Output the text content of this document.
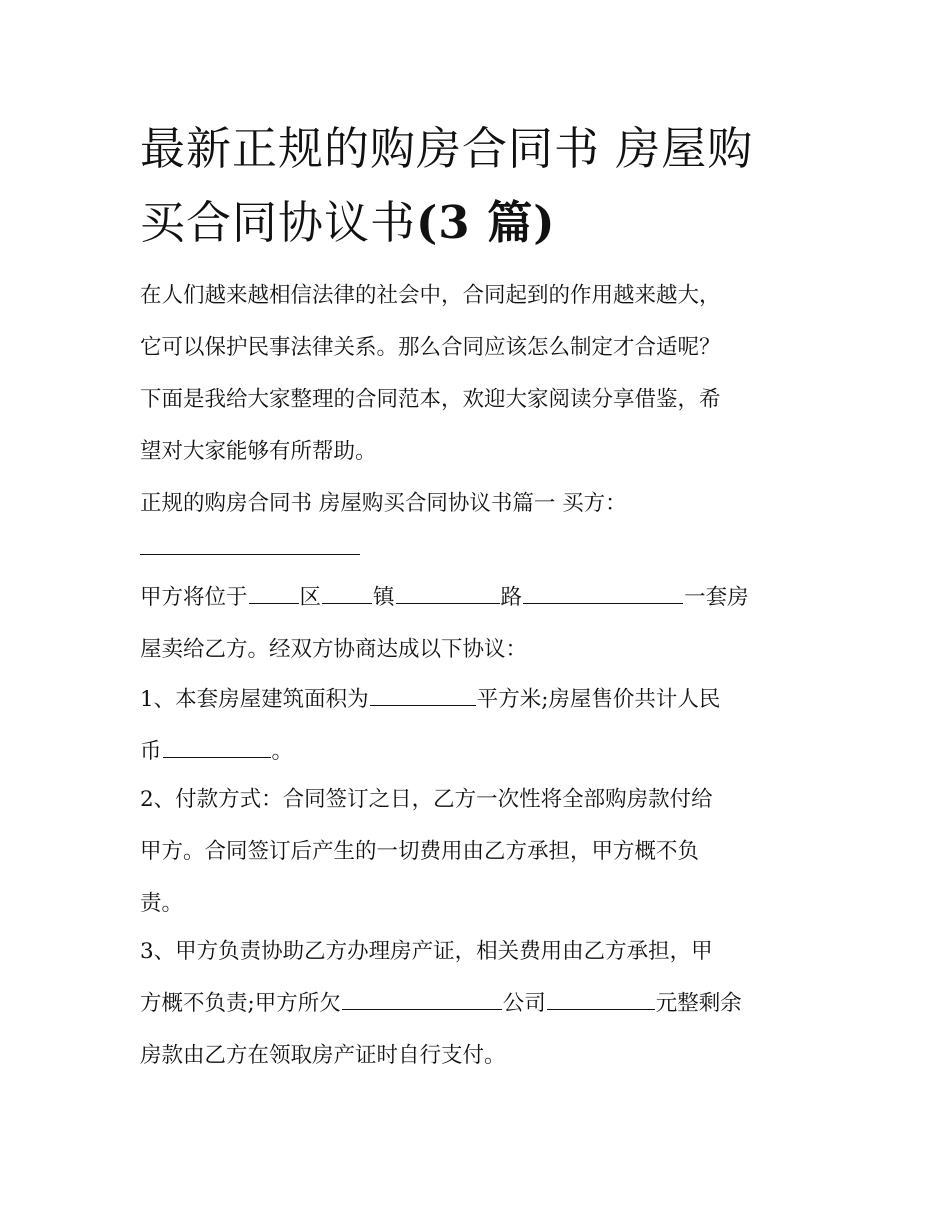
最新正规的购房合同书 房屋购
买合同协议书(3 篇)

在人们越来越相信法律的社会中，合同起到的作用越来越大，
它可以保护民事法律关系。那么合同应该怎么制定才合适呢？
下面是我给大家整理的合同范本，欢迎大家阅读分享借鉴，希
望对大家能够有所帮助。

正规的购房合同书 房屋购买合同协议书篇一 买方：

甲方将位于 区 镇	路	一套房
屋卖给乙方。经双方协商达成以下协议：

1、本套房屋建筑面积为	平方米;房屋售价共计人民
币	。

2、付款方式：合同签订之日，乙方一次性将全部购房款付给
甲方。合同签订后产生的一切费用由乙方承担，甲方概不负
责。

3、甲方负责协助乙方办理房产证，相关费用由乙方承担，甲
方概不负责;甲方所欠	公司	元整剩余
房款由乙方在领取房产证时自行支付。
